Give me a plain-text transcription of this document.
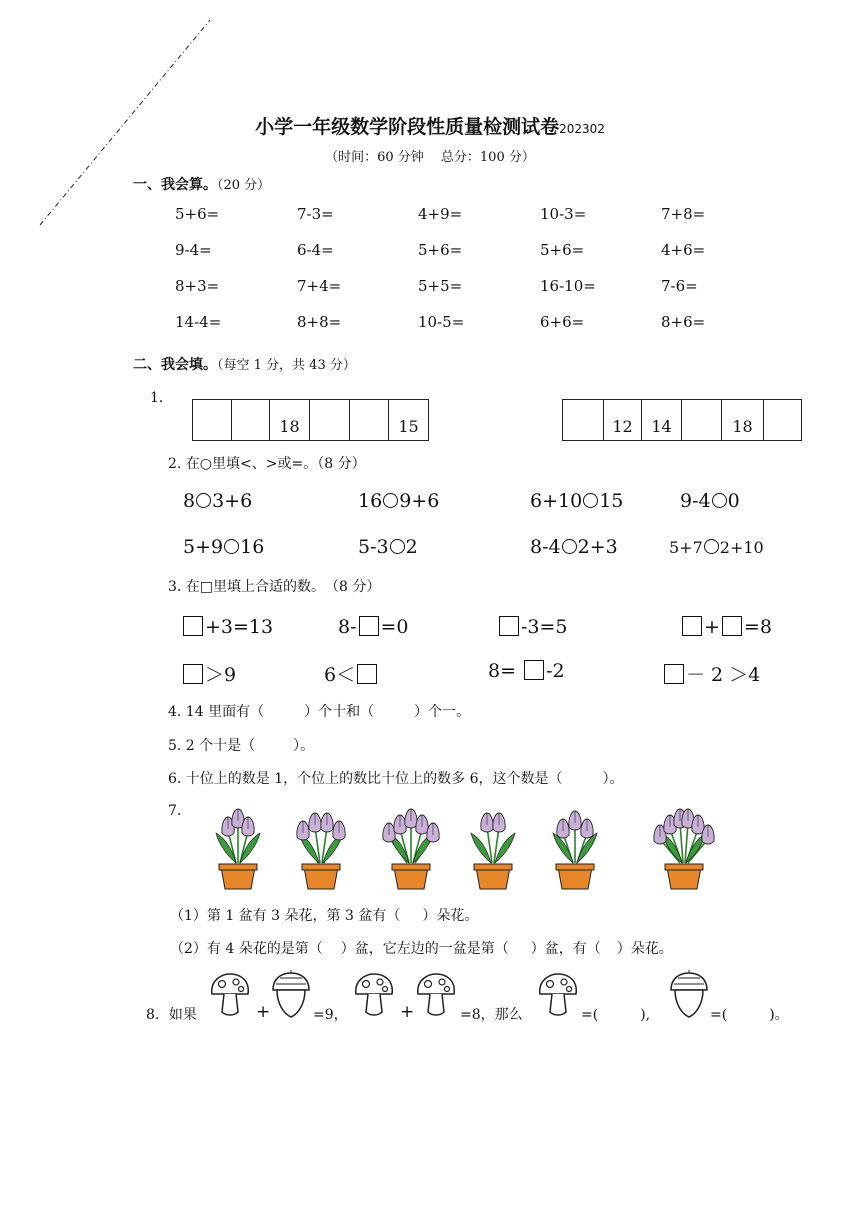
小学一年级数学阶段性质量检测试卷202302
（时间：60 分钟　 总分：100 分）
一、我会算。（20 分）
5+6=	7-3=	4+9=	10-3=	7+8=
9-4=	6-4=	5+6=	5+6=	4+6=
8+3=	7+4=	5+5=	16-10=	7-6=
14-4=	8+8=	10-5=	6+6=	8+6=
二、我会填。（每空 1 分，共 43 分）
1．
18	15	12	14	18
2. 在○里填<、>或=。（8 分）
8 3+6	16 9+6	6+10 15	9-4 0
5+9 16	5-3 2	8-4 2+3	5+7 2+10
3. 在□里填上合适的数。　（8 分）
+3=13	8- =0	-3=5	+ =8
＞9	6＜	8= -2	－ 2 ＞4
4. 14 里面有（	）个十和（	）个一。
5. 2 个十是（	）。
6. 十位上的数是 1，个位上的数比十位上的数多 6，这个数是（	）。
7.
（1）第 1 盆有 3 朵花，第 3 盆有（ ）朵花。
（2）有 4 朵花的是第（ ）盆，它左边的一盆是第（ ）盆，有（ ）朵花。
8．如果	+	=9，	+	=8，那么	=(　　　),	=(　　　)。
